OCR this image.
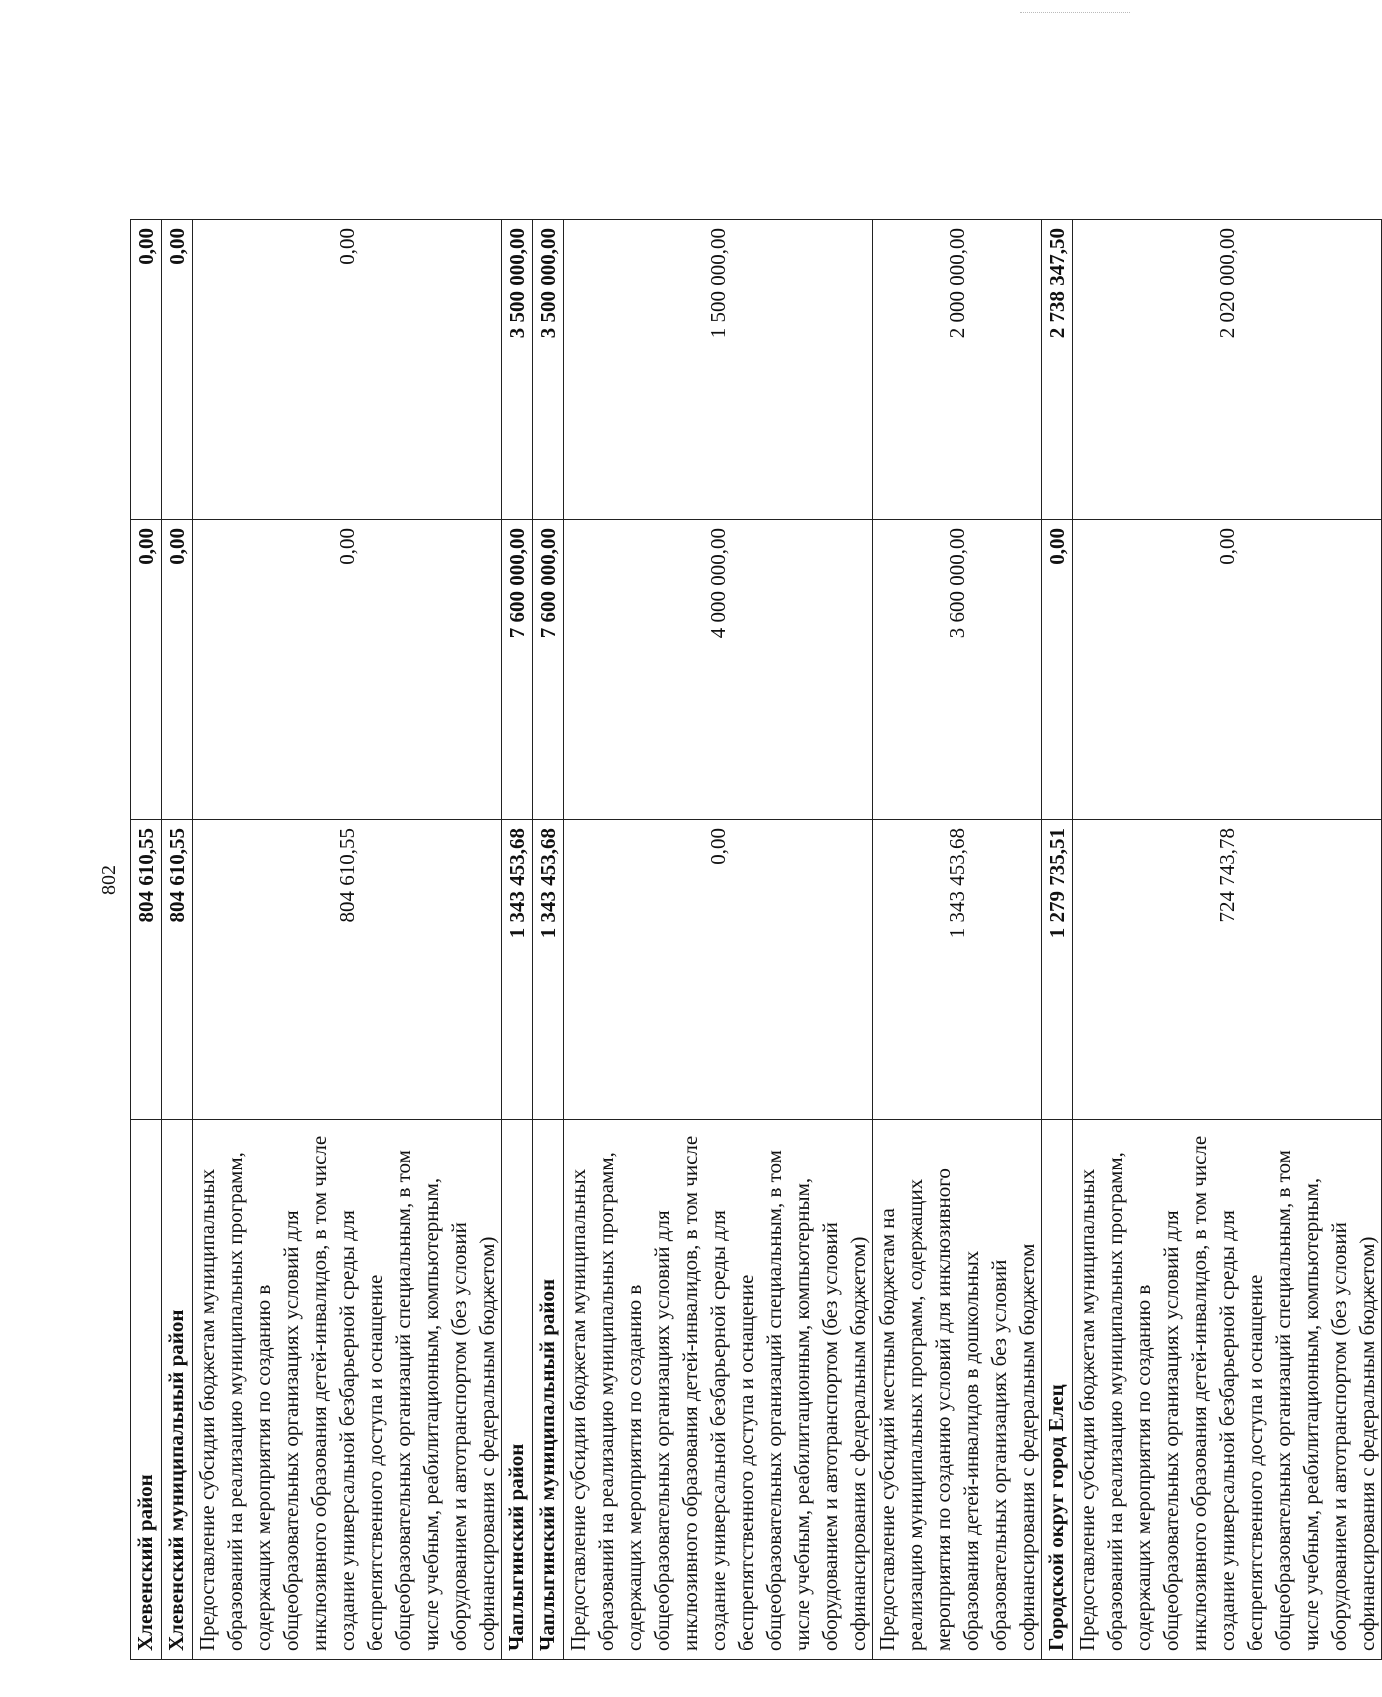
802
Хлевенский район	804 610,55	0,00	0,00
Хлевенский муниципальный район	804 610,55	0,00	0,00
Предоставление субсидии бюджетам муниципальных образований на реализацию муниципальных программ, содержащих мероприятия по созданию в общеобразовательных организациях условий для инклюзивного образования детей-инвалидов, в том числе создание универсальной безбарьерной среды для беспрепятственного доступа и оснащение общеобразовательных организаций специальным, в том числе учебным, реабилитационным, компьютерным, оборудованием и автотранспортом (без условий софинансирования с федеральным бюджетом)	804 610,55	0,00	0,00
Чаплыгинский район	1 343 453,68	7 600 000,00	3 500 000,00
Чаплыгинский муниципальный район	1 343 453,68	7 600 000,00	3 500 000,00
Предоставление субсидии бюджетам муниципальных образований на реализацию муниципальных программ, содержащих мероприятия по созданию в общеобразовательных организациях условий для инклюзивного образования детей-инвалидов, в том числе создание универсальной безбарьерной среды для беспрепятственного доступа и оснащение общеобразовательных организаций специальным, в том числе учебным, реабилитационным, компьютерным, оборудованием и автотранспортом (без условий софинансирования с федеральным бюджетом)	0,00	4 000 000,00	1 500 000,00
Предоставление субсидий местным бюджетам на реализацию муниципальных программ, содержащих мероприятия по созданию условий для инклюзивного образования детей-инвалидов в дошкольных образовательных организациях без условий софинансирования с федеральным бюджетом	1 343 453,68	3 600 000,00	2 000 000,00
Городской округ город Елец	1 279 735,51	0,00	2 738 347,50
Предоставление субсидии бюджетам муниципальных образований на реализацию муниципальных программ, содержащих мероприятия по созданию в общеобразовательных организациях условий для инклюзивного образования детей-инвалидов, в том числе создание универсальной безбарьерной среды для беспрепятственного доступа и оснащение общеобразовательных организаций специальным, в том числе учебным, реабилитационным, компьютерным, оборудованием и автотранспортом (без условий софинансирования с федеральным бюджетом)	724 743,78	0,00	2 020 000,00
